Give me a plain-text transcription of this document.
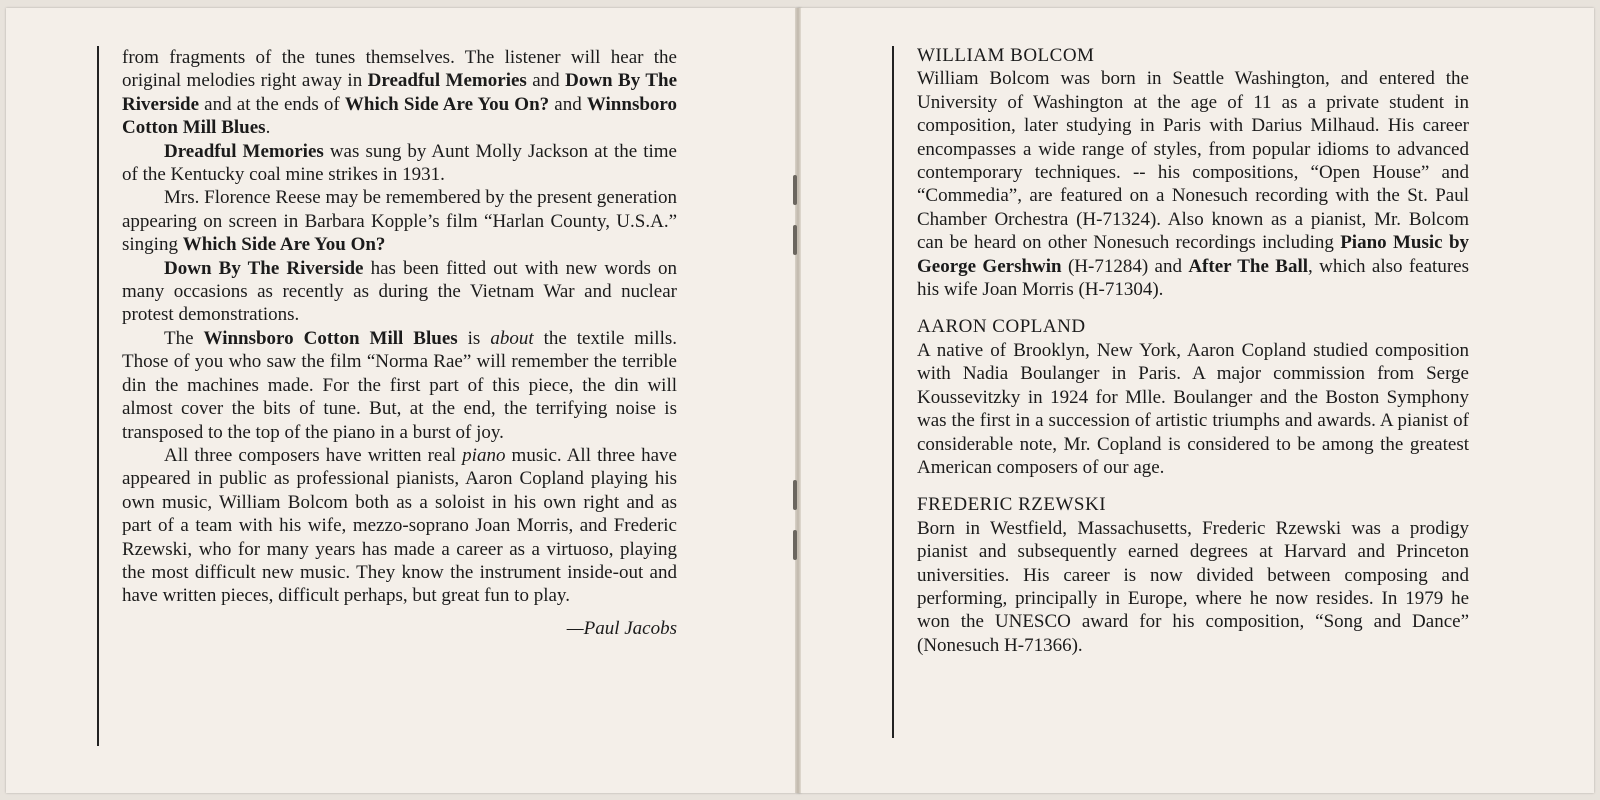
from fragments of the tunes themselves. The listener will hear the original melodies right away in Dreadful Memories and Down By The Riverside and at the ends of Which Side Are You On? and Winnsboro Cotton Mill Blues.

Dreadful Memories was sung by Aunt Molly Jackson at the time of the Kentucky coal mine strikes in 1931.

Mrs. Florence Reese may be remembered by the present generation appearing on screen in Barbara Kopple’s film “Harlan County, U.S.A.” singing Which Side Are You On?

Down By The Riverside has been fitted out with new words on many occasions as recently as during the Vietnam War and nuclear protest demonstrations.

The Winnsboro Cotton Mill Blues is about the textile mills. Those of you who saw the film “Norma Rae” will remember the terrible din the machines made. For the first part of this piece, the din will almost cover the bits of tune. But, at the end, the terrifying noise is transposed to the top of the piano in a burst of joy.

All three composers have written real piano music. All three have appeared in public as professional pianists, Aaron Copland playing his own music, William Bolcom both as a soloist in his own right and as part of a team with his wife, mezzo-soprano Joan Morris, and Frederic Rzewski, who for many years has made a career as a virtuoso, playing the most difficult new music. They know the instrument inside-out and have written pieces, difficult perhaps, but great fun to play.

—Paul Jacobs

WILLIAM BOLCOM

William Bolcom was born in Seattle Washington, and entered the University of Washington at the age of 11 as a private student in composition, later studying in Paris with Darius Milhaud. His career encompasses a wide range of styles, from popular idioms to advanced contemporary techniques. -- his compositions, “Open House” and “Commedia”, are featured on a Nonesuch recording with the St. Paul Chamber Orchestra (H-71324). Also known as a pianist, Mr. Bolcom can be heard on other Nonesuch recordings including Piano Music by George Gershwin (H-71284) and After The Ball, which also features his wife Joan Morris (H-71304).

AARON COPLAND

A native of Brooklyn, New York, Aaron Copland studied composition with Nadia Boulanger in Paris. A major commission from Serge Koussevitzky in 1924 for Mlle. Boulanger and the Boston Symphony was the first in a succession of artistic triumphs and awards. A pianist of considerable note, Mr. Copland is considered to be among the greatest American composers of our age.

FREDERIC RZEWSKI

Born in Westfield, Massachusetts, Frederic Rzewski was a prodigy pianist and subsequently earned degrees at Harvard and Princeton universities. His career is now divided between composing and performing, principally in Europe, where he now resides. In 1979 he won the UNESCO award for his composition, “Song and Dance” (Nonesuch H-71366).
